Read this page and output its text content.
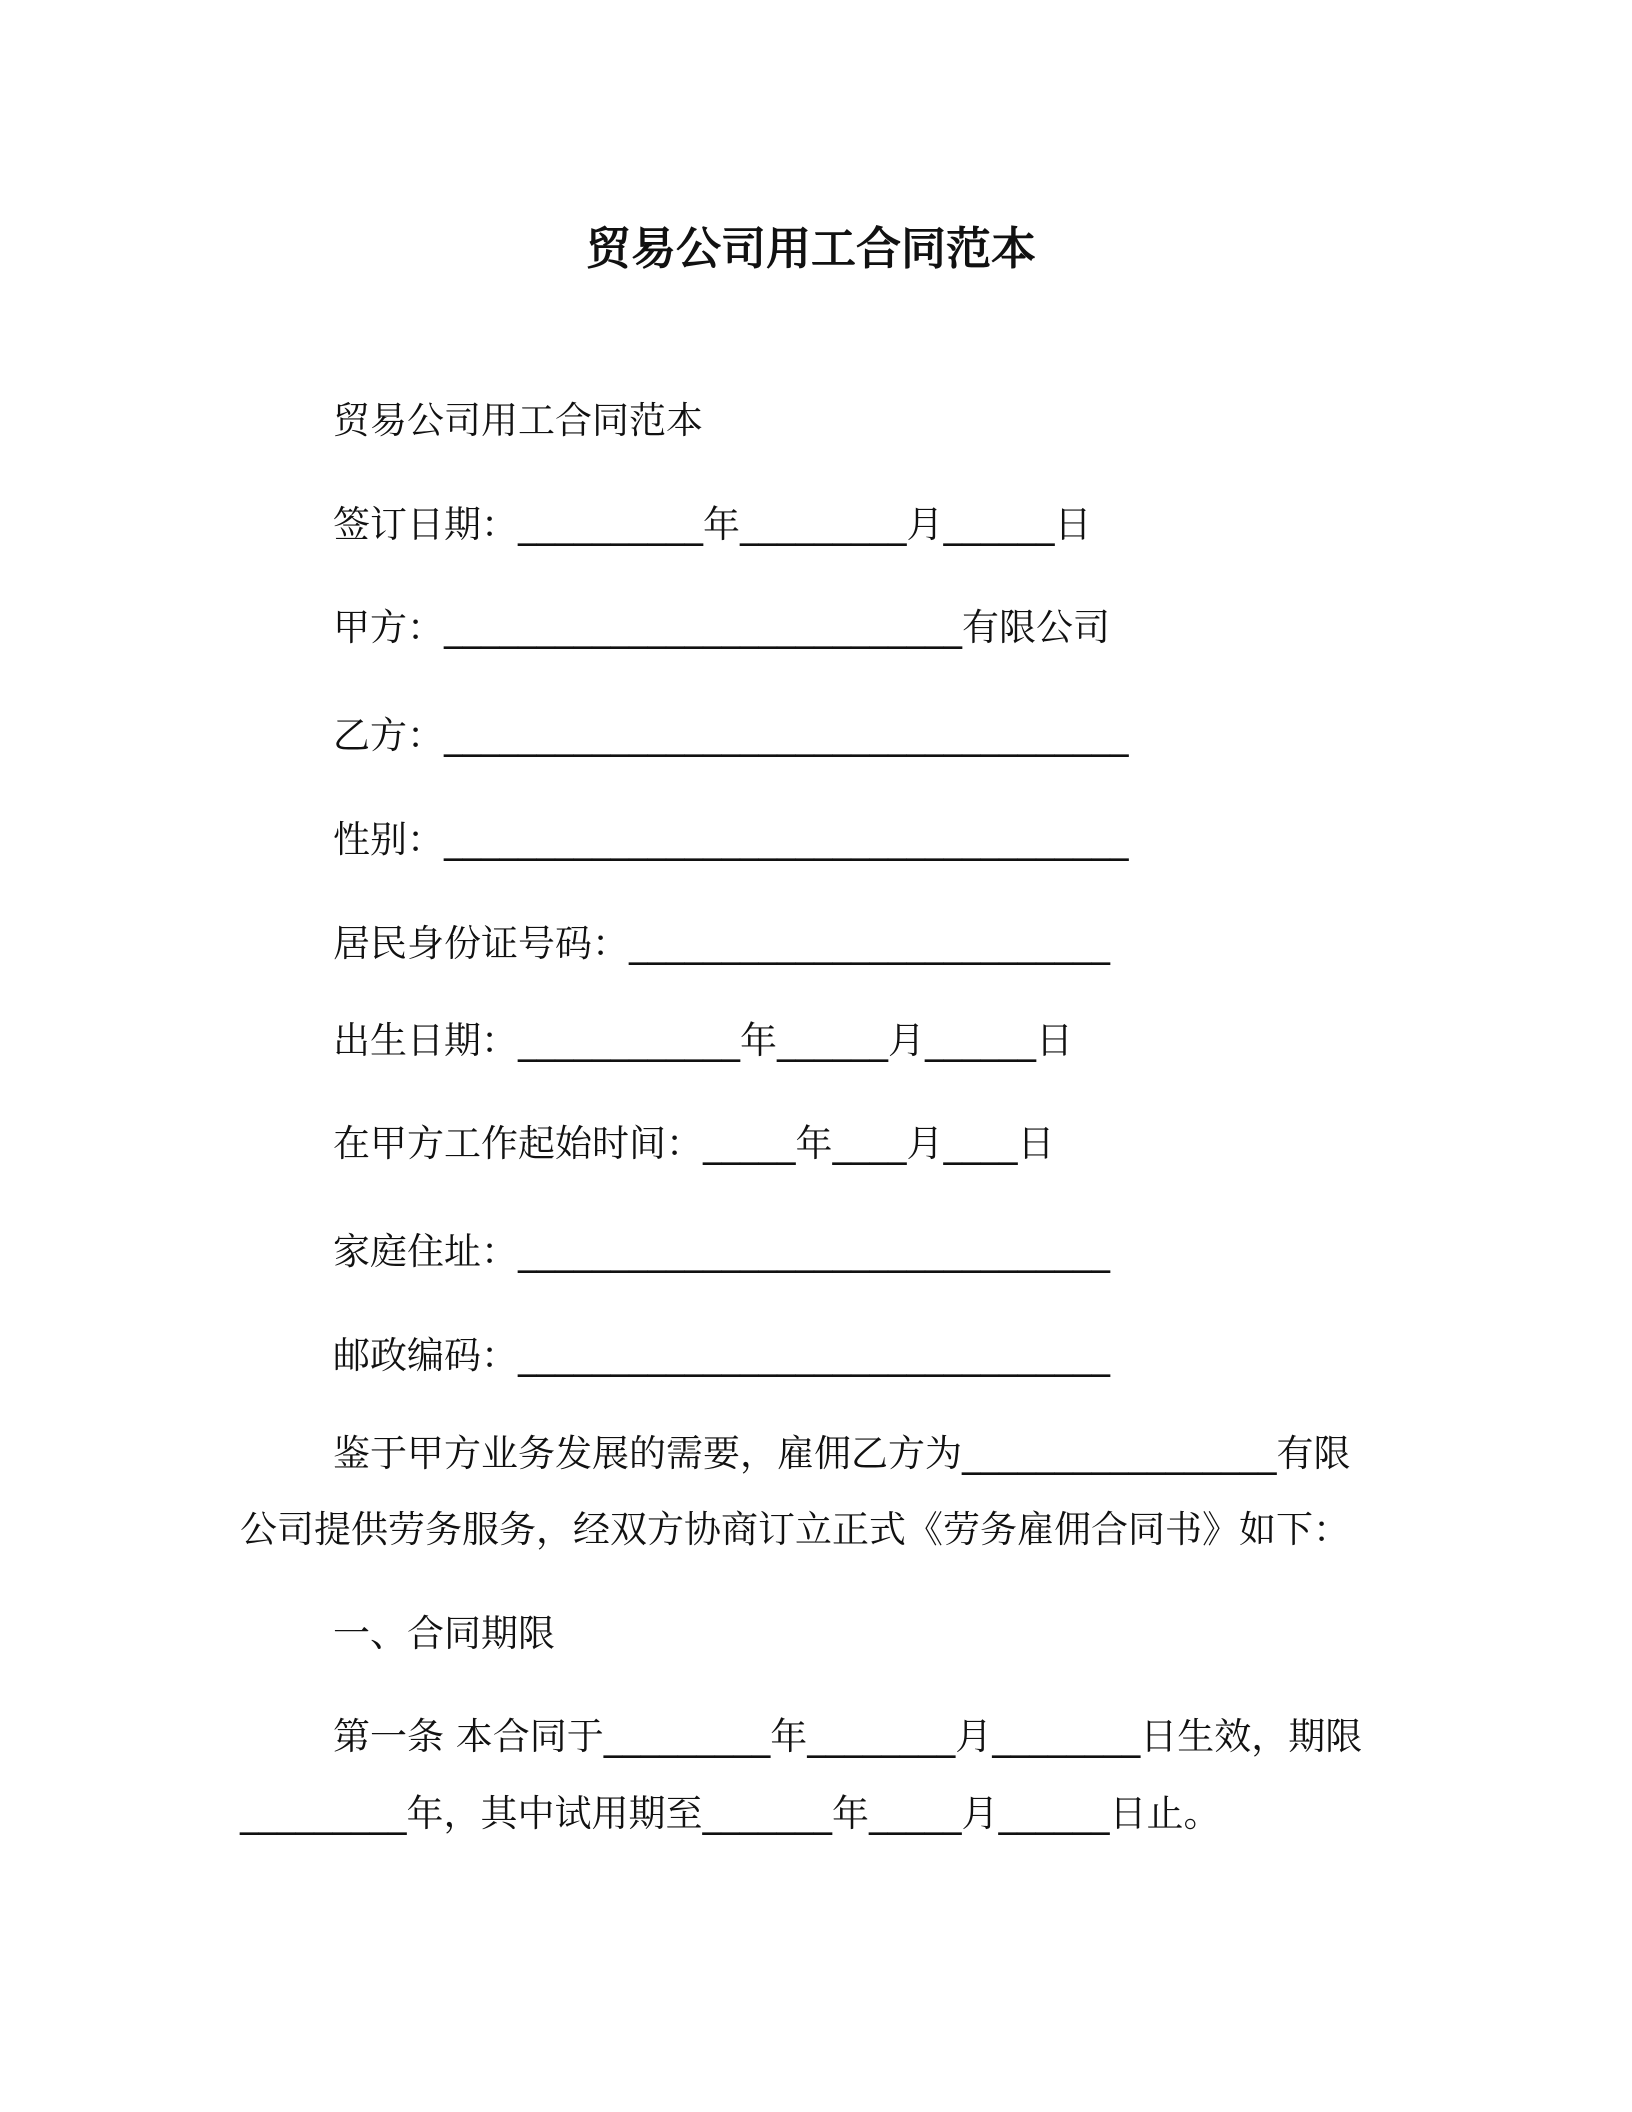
贸易公司用工合同范本
贸易公司用工合同范本
签订日期：__________年_________月______日
甲方：____________________________有限公司
乙方：_____________________________________
性别：_____________________________________
居民身份证号码：__________________________
出生日期：____________年______月______日
在甲方工作起始时间：_____年____月____日
家庭住址：________________________________
邮政编码：________________________________
鉴于甲方业务发展的需要，雇佣乙方为_________________有限
公司提供劳务服务，经双方协商订立正式《劳务雇佣合同书》如下：
一、合同期限
第一条 本合同于_________年________月________日生效，期限
_________年，其中试用期至_______年_____月______日止。
